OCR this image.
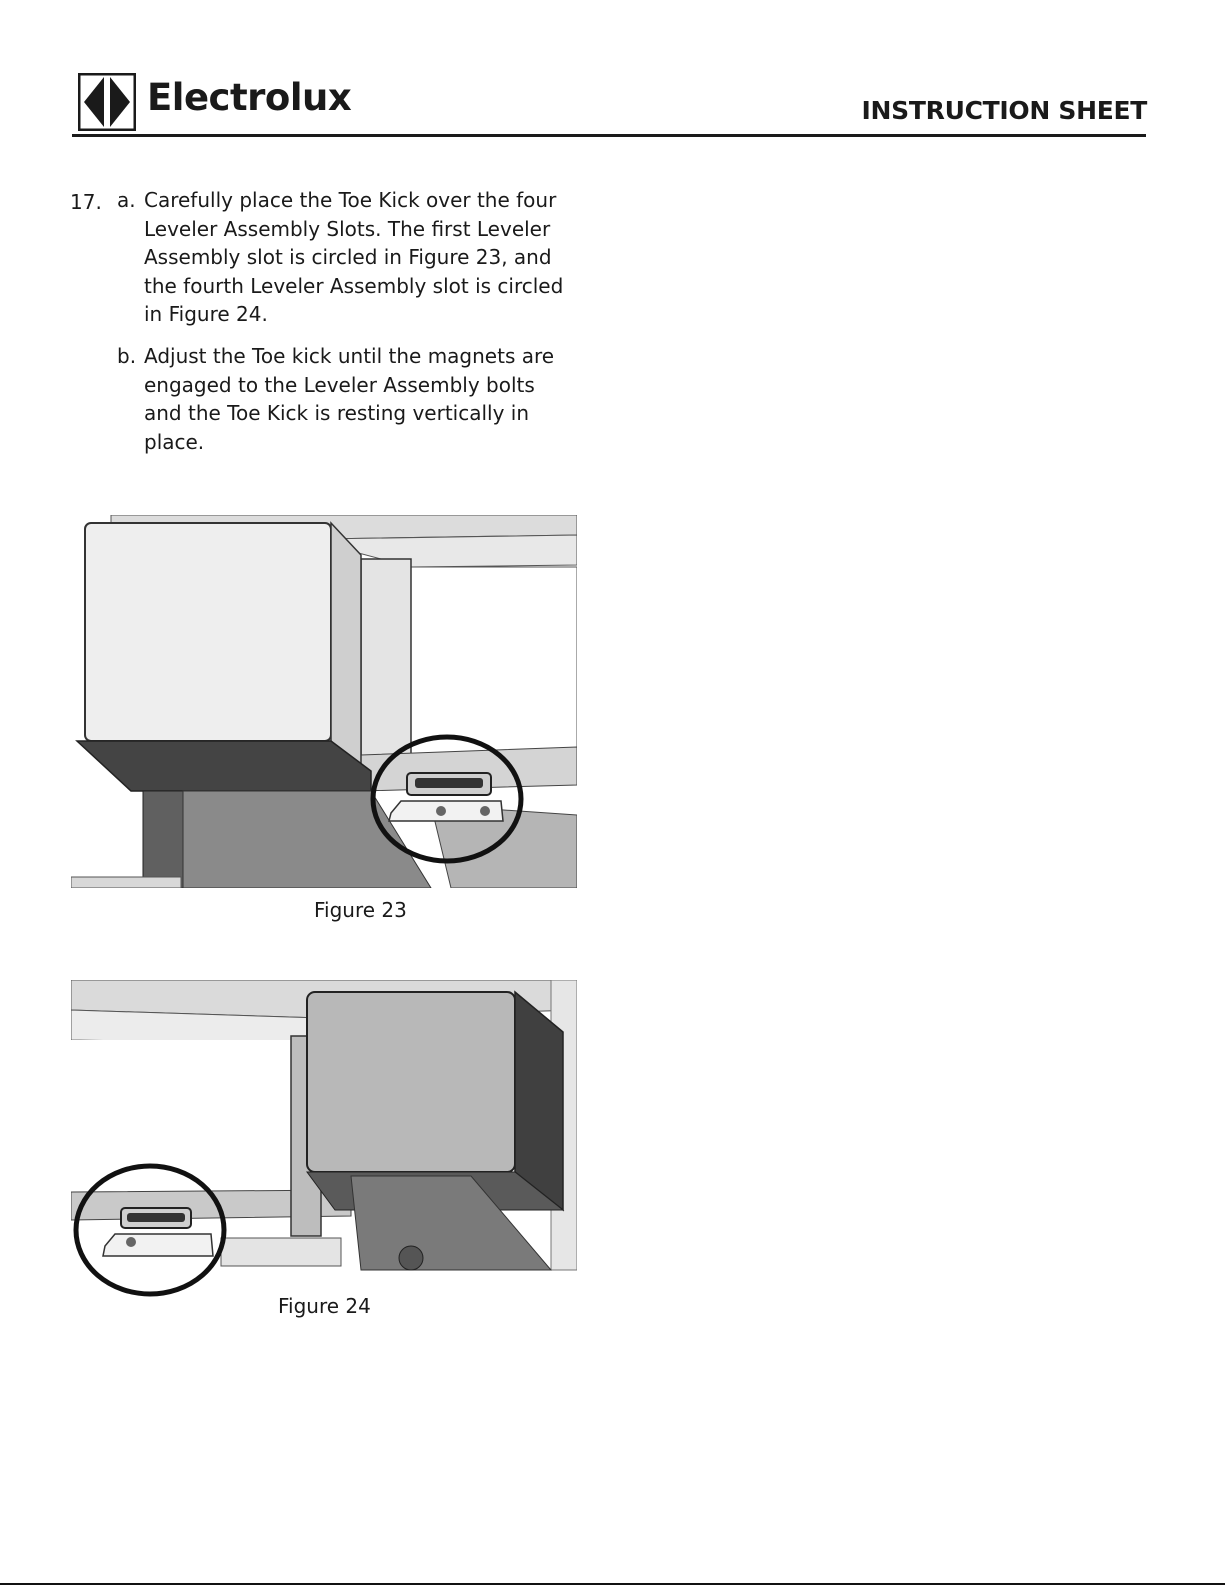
Electrolux	INSTRUCTION SHEET
17. a. Carefully place the Toe Kick over the four Leveler Assembly Slots. The first Leveler Assembly slot is circled in Figure 23, and the fourth Leveler Assembly slot is circled in Figure 24.
b. Adjust the Toe kick until the magnets are engaged to the Leveler Assembly bolts and the Toe Kick is resting vertically in place.
Figure 23
Figure 24
